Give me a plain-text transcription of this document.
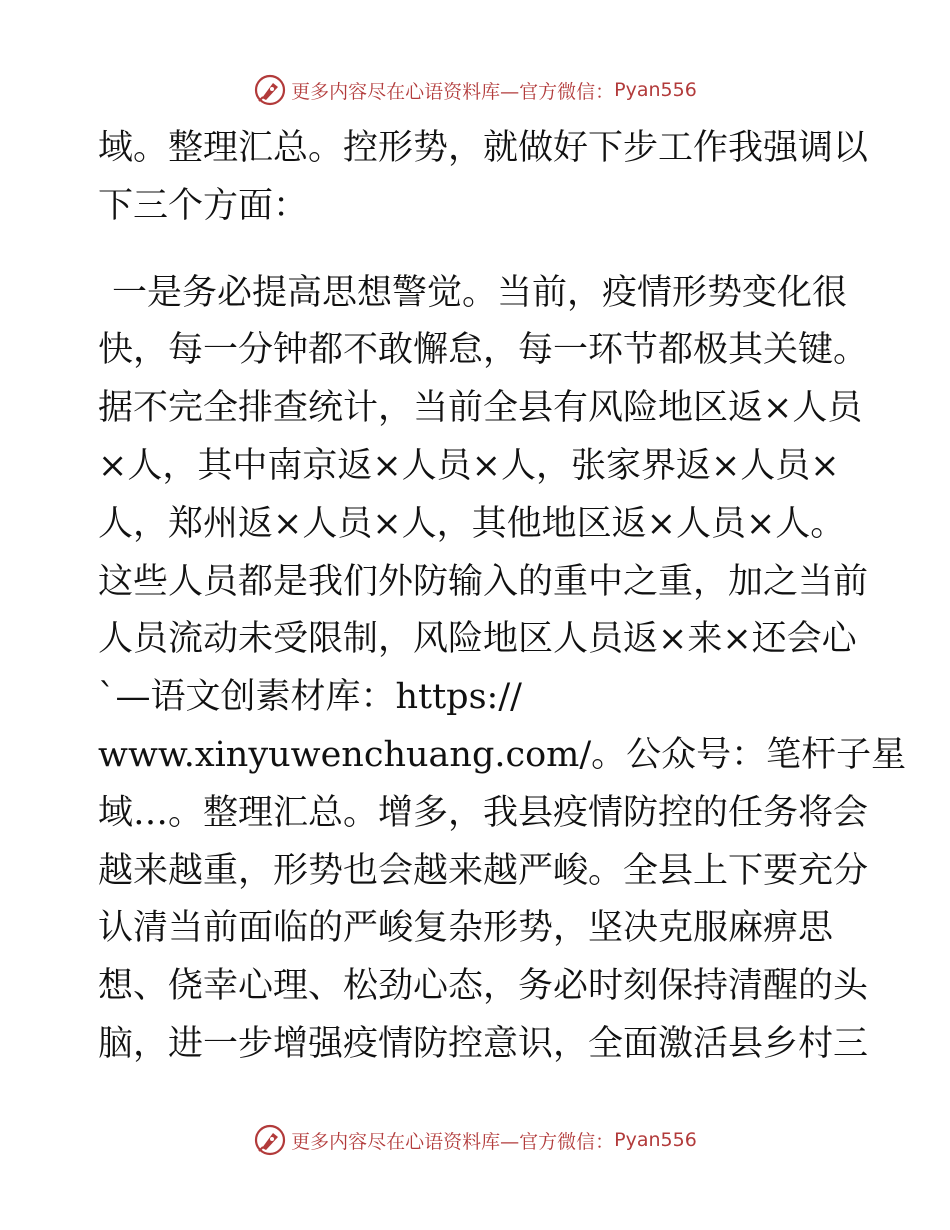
更多内容尽在心语资料库—官方微信： Pyan556
域。整理汇总。控形势，就做好下步工作我强调以
下三个方面：
一是务必提高思想警觉。当前，疫情形势变化很
快，每一分钟都不敢懈怠，每一环节都极其关键。
据不完全排查统计，当前全县有风险地区返×人员
×人，其中南京返×人员×人，张家界返×人员×
人，郑州返×人员×人，其他地区返×人员×人。
这些人员都是我们外防输入的重中之重，加之当前
人员流动未受限制，风险地区人员返×来×还会心
`—语文创素材库：https://
www.xinyuwenchuang.com/。公众号：笔杆子星
域…。整理汇总。增多，我县疫情防控的任务将会
越来越重，形势也会越来越严峻。全县上下要充分
认清当前面临的严峻复杂形势，坚决克服麻痹思
想、侥幸心理、松劲心态，务必时刻保持清醒的头
脑，进一步增强疫情防控意识，全面激活县乡村三
更多内容尽在心语资料库—官方微信： Pyan556
